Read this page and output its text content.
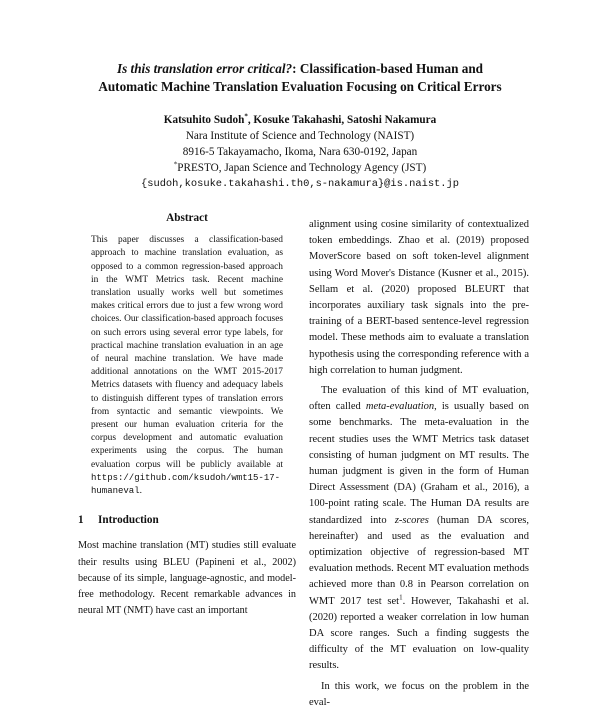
Is this translation error critical?: Classification-based Human and
Automatic Machine Translation Evaluation Focusing on Critical Errors
Katsuhito Sudoh*, Kosuke Takahashi, Satoshi Nakamura
Nara Institute of Science and Technology (NAIST)
8916-5 Takayamacho, Ikoma, Nara 630-0192, Japan
*PRESTO, Japan Science and Technology Agency (JST)
{sudoh,kosuke.takahashi.th0,s-nakamura}@is.naist.jp
Abstract
This paper discusses a classification-based approach to machine translation evaluation, as opposed to a common regression-based approach in the WMT Metrics task. Recent machine translation usually works well but sometimes makes critical errors due to just a few wrong word choices. Our classification-based approach focuses on such errors using several error type labels, for practical machine translation evaluation in an age of neural machine translation. We have made additional annotations on the WMT 2015-2017 Metrics datasets with fluency and adequacy labels to distinguish different types of translation errors from syntactic and semantic viewpoints. We present our human evaluation criteria for the corpus development and automatic evaluation experiments using the corpus. The human evaluation corpus will be publicly available at https://github.com/ksudoh/wmt15-17-humaneval.
1 Introduction
Most machine translation (MT) studies still evaluate their results using BLEU (Papineni et al., 2002) because of its simple, language-agnostic, and model-free methodology. Recent remarkable advances in neural MT (NMT) have cast an important
alignment using cosine similarity of contextualized token embeddings. Zhao et al. (2019) proposed MoverScore based on soft token-level alignment using Word Mover's Distance (Kusner et al., 2015). Sellam et al. (2020) proposed BLEURT that incorporates auxiliary task signals into the pre-training of a BERT-based sentence-level regression model. These methods aim to evaluate a translation hypothesis using the corresponding reference with a high correlation to human judgment.
The evaluation of this kind of MT evaluation, often called meta-evaluation, is usually based on some benchmarks. The meta-evaluation in the recent studies uses the WMT Metrics task dataset consisting of human judgment on MT results. The human judgment is given in the form of Human Direct Assessment (DA) (Graham et al., 2016), a 100-point rating scale. The Human DA results are standardized into z-scores (human DA scores, hereinafter) and used as the evaluation and optimization objective of regression-based MT evaluation methods. Recent MT evaluation methods achieved more than 0.8 in Pearson correlation on WMT 2017 test set$^1$. However, Takahashi et al. (2020) reported a weaker correlation in low human DA score ranges. Such a finding suggests the difficulty of the MT evaluation on low-quality results.
In this work, we focus on the problem in the eval-
